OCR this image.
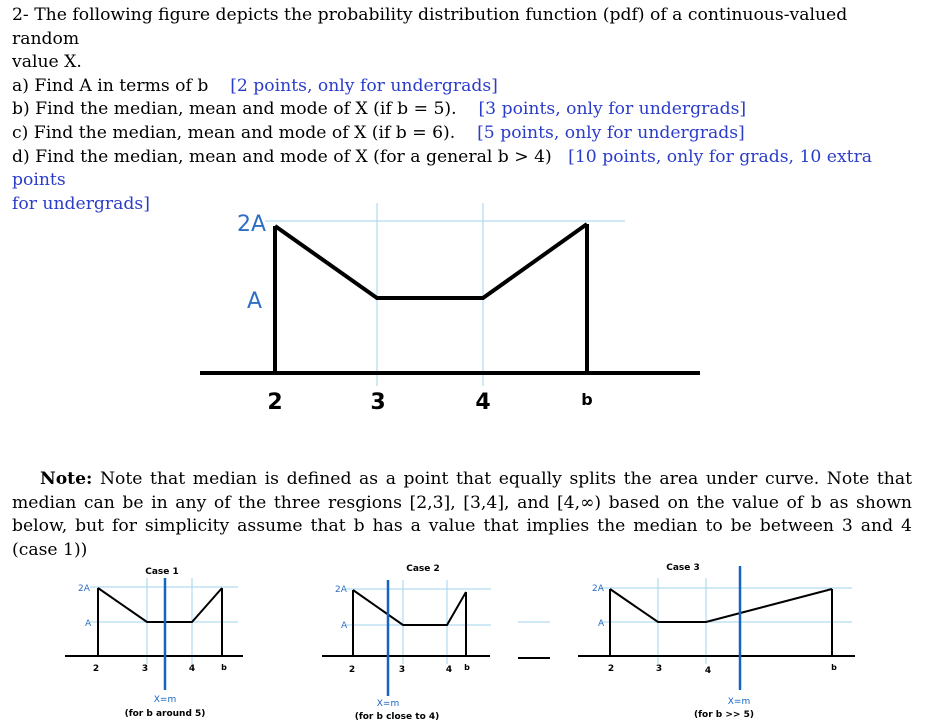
2- The following figure depicts the probability distribution function (pdf) of a continuous-valued random

value X.

a) Find A in terms of b [2 points, only for undergrads]

b) Find the median, mean and mode of X (if b = 5). [3 points, only for undergrads]

c) Find the median, mean and mode of X (if b = 6). [5 points, only for undergrads]

d) Find the median, mean and mode of X (for a general b > 4) [10 points, only for grads, 10 extra points

for undergrads]

2A
A
2	3	4	b
Case 1
2A
A
2	3	4	b
X=m
(for b around 5)
Case 2
2A
A
2	3	4 b
X=m
(for b close to 4)
Case 3
2A
A
2	3	4	b
X=m
(for b >> 5)
Note: Note that median is defined as a point that equally splits the area under curve. Note that median can be in any of the three resgions [2,3], [3,4], and [4,∞) based on the value of b as shown below, but for simplicity assume that b has a value that implies the median to be between 3 and 4 (case 1))
